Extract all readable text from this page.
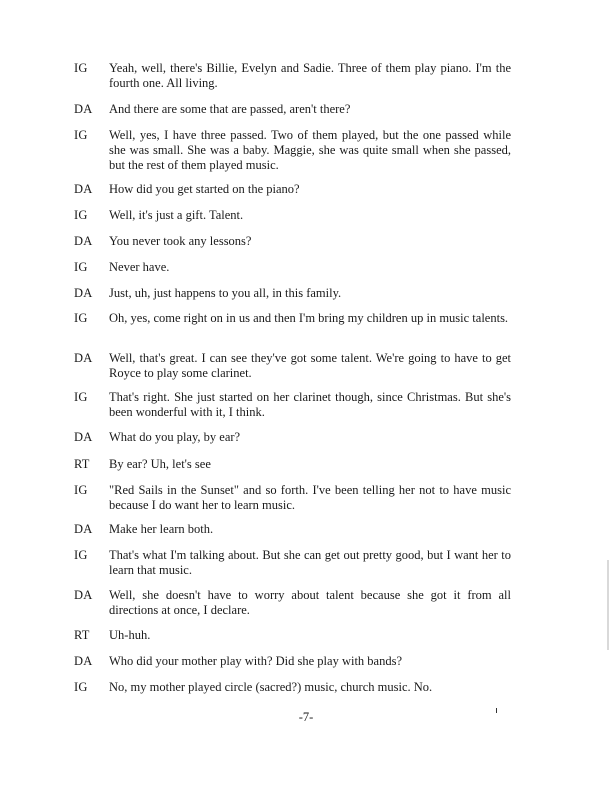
IG Yeah, well, there's Billie, Evelyn and Sadie. Three of them play piano. I'm the fourth one. All living.
DA And there are some that are passed, aren't there?
IG Well, yes, I have three passed. Two of them played, but the one passed while she was small. She was a baby. Maggie, she was quite small when she passed, but the rest of them played music.
DA How did you get started on the piano?
IG Well, it's just a gift. Talent.
DA You never took any lessons?
IG Never have.
DA Just, uh, just happens to you all, in this family.
IG Oh, yes, come right on in us and then I'm bring my children up in music talents.
DA Well, that's great. I can see they've got some talent. We're going to have to get Royce to play some clarinet.
IG That's right. She just started on her clarinet though, since Christmas. But she's been wonderful with it, I think.
DA What do you play, by ear?
RT By ear? Uh, let's see
IG "Red Sails in the Sunset" and so forth. I've been telling her not to have music because I do want her to learn music.
DA Make her learn both.
IG That's what I'm talking about. But she can get out pretty good, but I want her to learn that music.
DA Well, she doesn't have to worry about talent because she got it from all directions at once, I declare.
RT Uh-huh.
DA Who did your mother play with? Did she play with bands?
IG No, my mother played circle (sacred?) music, church music. No.
-7-
